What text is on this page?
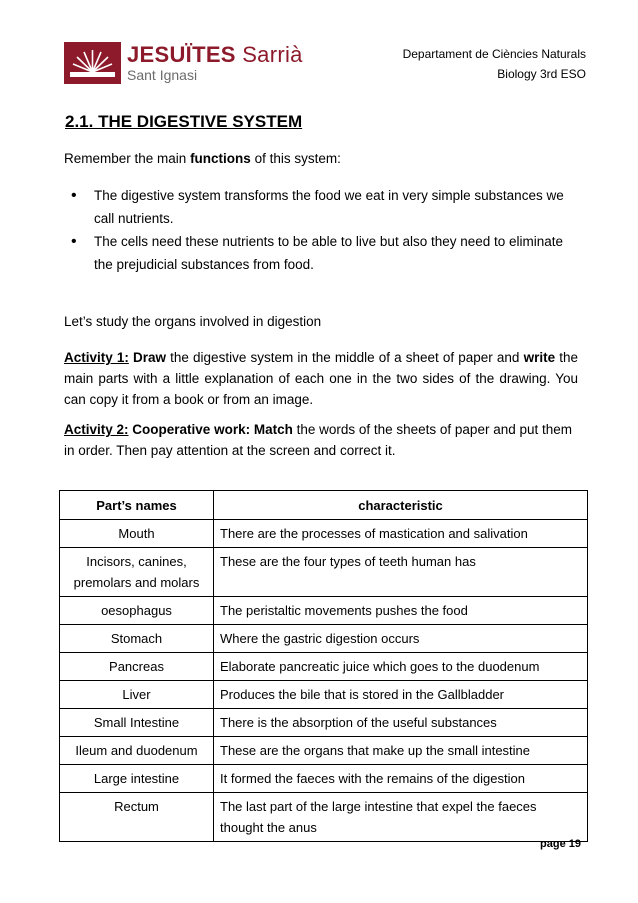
JESUÏTES Sarrià
Sant Ignasi
Departament de Ciències Naturals
Biology 3rd ESO
2.1. THE DIGESTIVE SYSTEM
Remember the main functions of this system:
• The digestive system transforms the food we eat in very simple substances we call nutrients.
• The cells need these nutrients to be able to live but also they need to eliminate the prejudicial substances from food.
Let’s study the organs involved in digestion
Activity 1: Draw the digestive system in the middle of a sheet of paper and write the main parts with a little explanation of each one in the two sides of the drawing. You can copy it from a book or from an image.
Activity 2: Cooperative work: Match the words of the sheets of paper and put them in order. Then pay attention at the screen and correct it.
Part’s names	characteristic
Mouth	There are the processes of mastication and salivation
Incisors, canines, premolars and molars	These are the four types of teeth human has
oesophagus	The peristaltic movements pushes the food
Stomach	Where the gastric digestion occurs
Pancreas	Elaborate pancreatic juice which goes to the duodenum
Liver	Produces the bile that is stored in the Gallbladder
Small Intestine	There is the absorption of the useful substances
Ileum and duodenum	These are the organs that make up the small intestine
Large intestine	It formed the faeces with the remains of the digestion
Rectum	The last part of the large intestine that expel the faeces thought the anus
page 19
